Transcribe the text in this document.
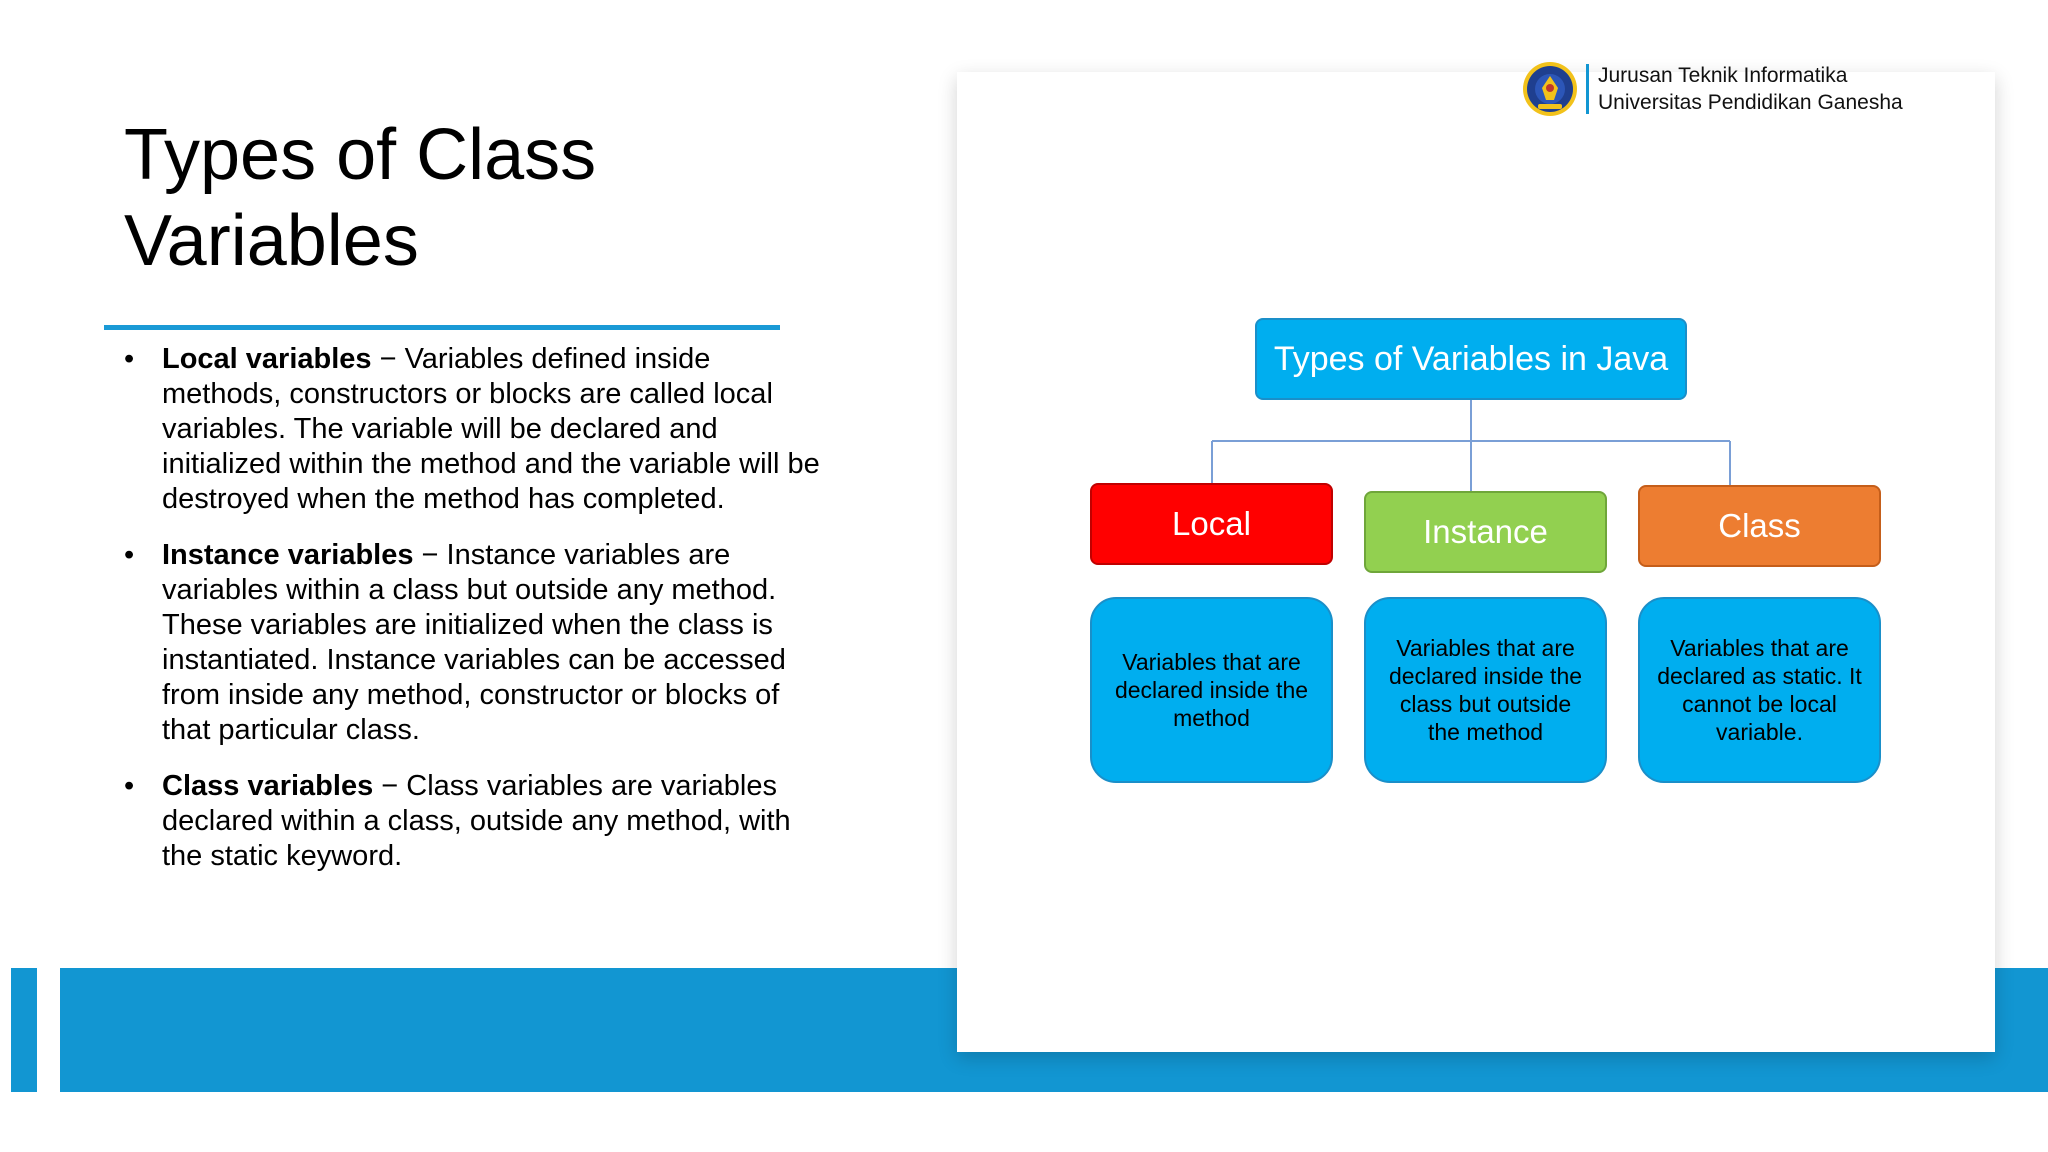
Types of Class
Variables
• Local variables − Variables defined inside methods, constructors or blocks are called local variables. The variable will be declared and initialized within the method and the variable will be destroyed when the method has completed.
• Instance variables − Instance variables are variables within a class but outside any method. These variables are initialized when the class is instantiated. Instance variables can be accessed from inside any method, constructor or blocks of that particular class.
• Class variables − Class variables are variables declared within a class, outside any method, with the static keyword.
Jurusan Teknik Informatika
Universitas Pendidikan Ganesha
Types of Variables in Java
Local	Instance	Class
Variables that are declared inside the method
Variables that are declared inside the class but outside the method
Variables that are declared as static. It cannot be local variable.
